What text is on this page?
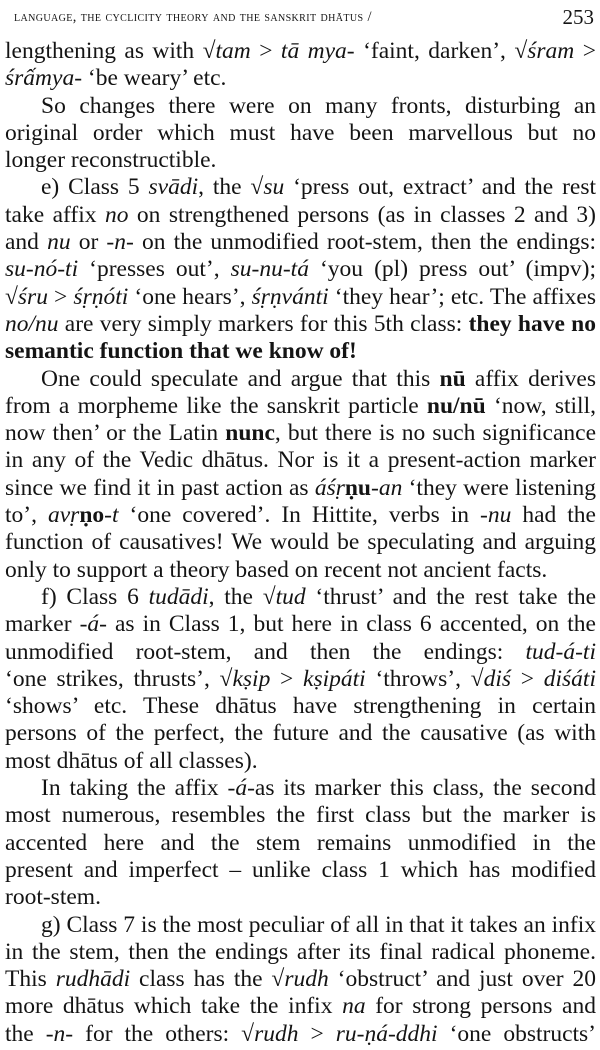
language, the cyclicity theory and the sanskrit dhātus /	253
lengthening as with √tam > tā mya- ‘faint, darken’, √śram >
śrấmya- ‘be weary’ etc.
So changes there were on many fronts, disturbing an
original order which must have been marvellous but no
longer reconstructible.
e) Class 5 svādi, the √su ‘press out, extract’ and the rest
take affix no on strengthened persons (as in classes 2 and 3)
and nu or -n- on the unmodified root-stem, then the endings:
su-nó-ti ‘presses out’, su-nu-tá ‘you (pl) press out’ (impv);
√śru > śṛṇóti ‘one hears’, śṛṇvánti ‘they hear’; etc. The affixes
no/nu are very simply markers for this 5th class: they have no
semantic function that we know of!
One could speculate and argue that this nū affix derives
from a morpheme like the sanskrit particle nu/nū ‘now, still,
now then’ or the Latin nunc, but there is no such significance
in any of the Vedic dhātus. Nor is it a present-action marker
since we find it in past action as áśṛṇu-an ‘they were listening
to’, avṛṇo-t ‘one covered’. In Hittite, verbs in -nu had the
function of causatives! We would be speculating and arguing
only to support a theory based on recent not ancient facts.
f) Class 6 tudādi, the √tud ‘thrust’ and the rest take the
marker -á- as in Class 1, but here in class 6 accented, on the
unmodified root-stem, and then the endings: tud-á-ti
‘one strikes, thrusts’, √kṣip > kṣipáti ‘throws’, √diś > diśáti
‘shows’ etc. These dhātus have strengthening in certain
persons of the perfect, the future and the causative (as with
most dhātus of all classes).
In taking the affix -á-as its marker this class, the second
most numerous, resembles the first class but the marker is
accented here and the stem remains unmodified in the
present and imperfect – unlike class 1 which has modified
root-stem.
g) Class 7 is the most peculiar of all in that it takes an infix
in the stem, then the endings after its final radical phoneme.
This rudhādi class has the √rudh ‘obstruct’ and just over 20
more dhātus which take the infix na for strong persons and
the -n- for the others: √rudh > ru-ṇá-ddhi ‘one obstructs’
